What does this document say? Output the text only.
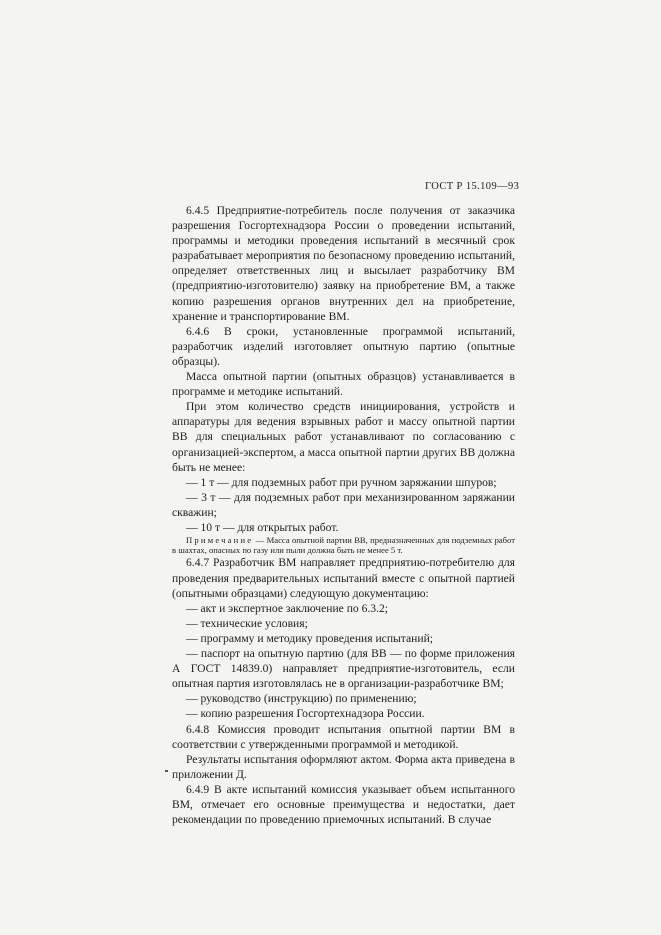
ГОСТ Р 15.109—93

6.4.5 Предприятие-потребитель после получения от заказчика разрешения Госгортехнадзора России о проведении испытаний, программы и методики проведения испытаний в месячный срок разрабатывает мероприятия по безопасному проведению испытаний, определяет ответственных лиц и высылает разработчику ВМ (предприятию-изготовителю) заявку на приобретение ВМ, а также копию разрешения органов внутренних дел на приобретение, хранение и транспортирование ВМ.

6.4.6 В сроки, установленные программой испытаний, разработчик изделий изготовляет опытную партию (опытные образцы).

Масса опытной партии (опытных образцов) устанавливается в программе и методике испытаний.

При этом количество средств инициирования, устройств и аппаратуры для ведения взрывных работ и массу опытной партии ВВ для специальных работ устанавливают по согласованию с организацией-экспертом, а масса опытной партии других ВВ должна быть не менее:

— 1 т — для подземных работ при ручном заряжании шпуров;

— 3 т — для подземных работ при механизированном заряжании скважин;

— 10 т — для открытых работ.

Примечание — Масса опытной партии ВВ, предназначенных для подземных работ в шахтах, опасных по газу или пыли должна быть не менее 5 т.

6.4.7 Разработчик ВМ направляет предприятию-потребителю для проведения предварительных испытаний вместе с опытной партией (опытными образцами) следующую документацию:

— акт и экспертное заключение по 6.3.2;

— технические условия;

— программу и методику проведения испытаний;

— паспорт на опытную партию (для ВВ — по форме приложения А ГОСТ 14839.0) направляет предприятие-изготовитель, если опытная партия изготовлялась не в организации-разработчике ВМ;

— руководство (инструкцию) по применению;

— копию разрешения Госгортехнадзора России.

6.4.8 Комиссия проводит испытания опытной партии ВМ в соответствии с утвержденными программой и методикой.

Результаты испытания оформляют актом. Форма акта приведена в приложении Д.

6.4.9 В акте испытаний комиссия указывает объем испытанного ВМ, отмечает его основные преимущества и недостатки, дает рекомендации по проведению приемочных испытаний. В случае
